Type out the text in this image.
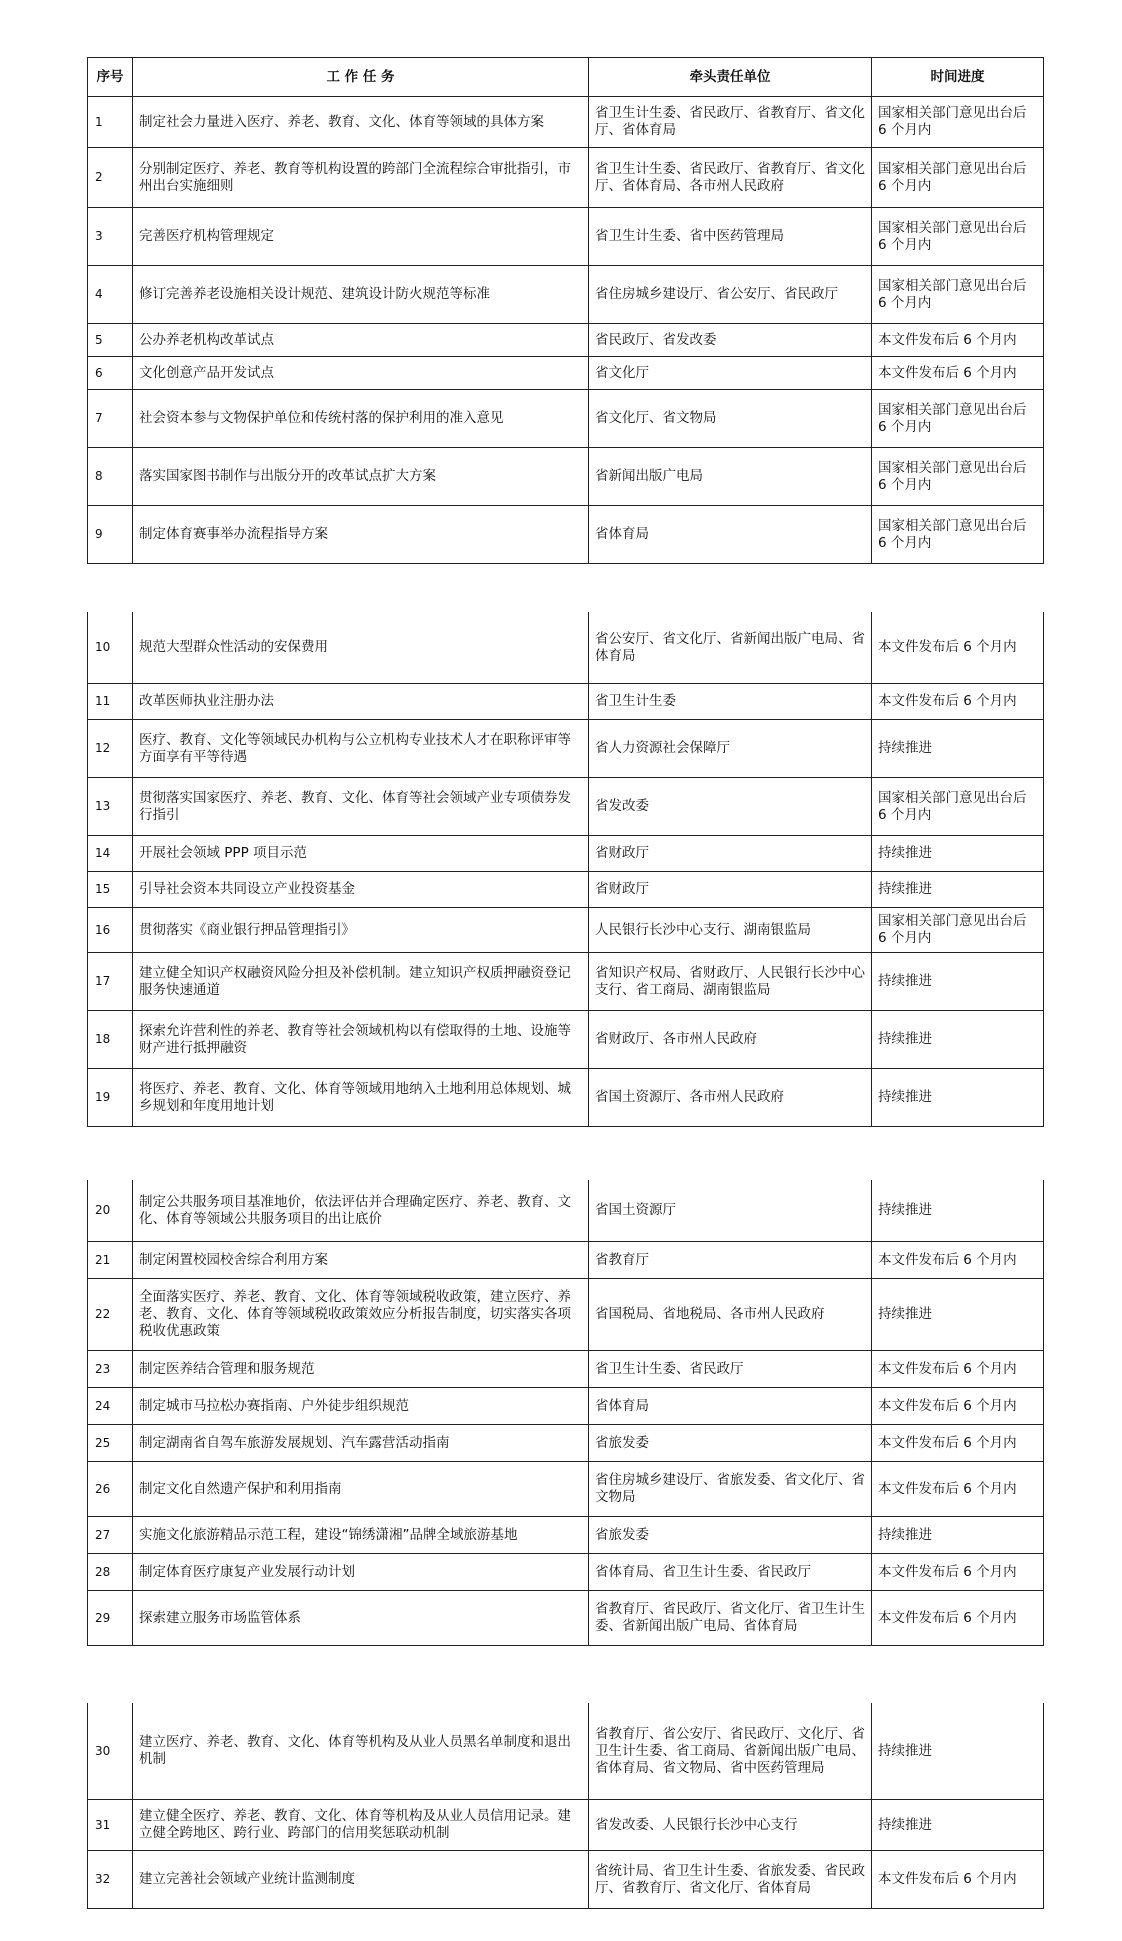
序号	工 作 任 务	牵头责任单位	时间进度
1	制定社会力量进入医疗、养老、教育、文化、体育等领域的具体方案	省卫生计生委、省民政厅、省教育厅、省文化厅、省体育局	国家相关部门意见出台后 6 个月内
2	分别制定医疗、养老、教育等机构设置的跨部门全流程综合审批指引，市州出台实施细则	省卫生计生委、省民政厅、省教育厅、省文化厅、省体育局、各市州人民政府	国家相关部门意见出台后 6 个月内
3	完善医疗机构管理规定	省卫生计生委、省中医药管理局	国家相关部门意见出台后 6 个月内
4	修订完善养老设施相关设计规范、建筑设计防火规范等标准	省住房城乡建设厅、省公安厅、省民政厅	国家相关部门意见出台后 6 个月内
5	公办养老机构改革试点	省民政厅、省发改委	本文件发布后 6 个月内
6	文化创意产品开发试点	省文化厅	本文件发布后 6 个月内
7	社会资本参与文物保护单位和传统村落的保护利用的准入意见	省文化厅、省文物局	国家相关部门意见出台后 6 个月内
8	落实国家图书制作与出版分开的改革试点扩大方案	省新闻出版广电局	国家相关部门意见出台后 6 个月内
9	制定体育赛事举办流程指导方案	省体育局	国家相关部门意见出台后 6 个月内
10	规范大型群众性活动的安保费用	省公安厅、省文化厅、省新闻出版广电局、省体育局	本文件发布后 6 个月内
11	改革医师执业注册办法	省卫生计生委	本文件发布后 6 个月内
12	医疗、教育、文化等领域民办机构与公立机构专业技术人才在职称评审等方面享有平等待遇	省人力资源社会保障厅	持续推进
13	贯彻落实国家医疗、养老、教育、文化、体育等社会领域产业专项债券发行指引	省发改委	国家相关部门意见出台后 6 个月内
14	开展社会领域 PPP 项目示范	省财政厅	持续推进
15	引导社会资本共同设立产业投资基金	省财政厅	持续推进
16	贯彻落实《商业银行押品管理指引》	人民银行长沙中心支行、湖南银监局	国家相关部门意见出台后 6 个月内
17	建立健全知识产权融资风险分担及补偿机制。建立知识产权质押融资登记服务快速通道	省知识产权局、省财政厅、人民银行长沙中心支行、省工商局、湖南银监局	持续推进
18	探索允许营利性的养老、教育等社会领域机构以有偿取得的土地、设施等财产进行抵押融资	省财政厅、各市州人民政府	持续推进
19	将医疗、养老、教育、文化、体育等领域用地纳入土地利用总体规划、城乡规划和年度用地计划	省国土资源厅、各市州人民政府	持续推进
20	制定公共服务项目基准地价，依法评估并合理确定医疗、养老、教育、文化、体育等领域公共服务项目的出让底价	省国土资源厅	持续推进
21	制定闲置校园校舍综合利用方案	省教育厅	本文件发布后 6 个月内
22	全面落实医疗、养老、教育、文化、体育等领域税收政策，建立医疗、养老、教育、文化、体育等领域税收政策效应分析报告制度，切实落实各项税收优惠政策	省国税局、省地税局、各市州人民政府	持续推进
23	制定医养结合管理和服务规范	省卫生计生委、省民政厅	本文件发布后 6 个月内
24	制定城市马拉松办赛指南、户外徒步组织规范	省体育局	本文件发布后 6 个月内
25	制定湖南省自驾车旅游发展规划、汽车露营活动指南	省旅发委	本文件发布后 6 个月内
26	制定文化自然遗产保护和利用指南	省住房城乡建设厅、省旅发委、省文化厅、省文物局	本文件发布后 6 个月内
27	实施文化旅游精品示范工程，建设“锦绣潇湘”品牌全域旅游基地	省旅发委	持续推进
28	制定体育医疗康复产业发展行动计划	省体育局、省卫生计生委、省民政厅	本文件发布后 6 个月内
29	探索建立服务市场监管体系	省教育厅、省民政厅、省文化厅、省卫生计生委、省新闻出版广电局、省体育局	本文件发布后 6 个月内
30	建立医疗、养老、教育、文化、体育等机构及从业人员黑名单制度和退出机制	省教育厅、省公安厅、省民政厅、文化厅、省卫生计生委、省工商局、省新闻出版广电局、省体育局、省文物局、省中医药管理局	持续推进
31	建立健全医疗、养老、教育、文化、体育等机构及从业人员信用记录。建立健全跨地区、跨行业、跨部门的信用奖惩联动机制	省发改委、人民银行长沙中心支行	持续推进
32	建立完善社会领域产业统计监测制度	省统计局、省卫生计生委、省旅发委、省民政厅、省教育厅、省文化厅、省体育局	本文件发布后 6 个月内
